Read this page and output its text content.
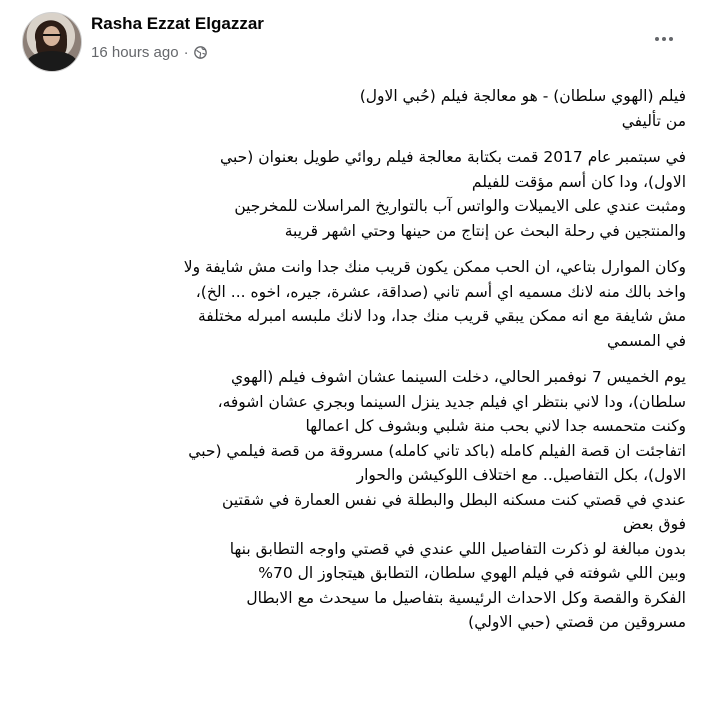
Rasha Ezzat Elgazzar
16 hours ago ·

فيلم (الهوي سلطان) - هو معالجة فيلم (حُبي الاول)
من تأليفي

في سبتمبر عام 2017 قمت بكتابة معالجة فيلم روائي طويل بعنوان (حبي
الاول)، ودا كان أسم مؤقت للفيلم
ومثبت عندي على الايميلات والواتس آب بالتواريخ المراسلات للمخرجين
والمنتجين في رحلة البحث عن إنتاج من حينها وحتي اشهر قريبة

وكان الموارل بتاعي، ان الحب ممكن يكون قريب منك جدا وانت مش شايفة ولا
واخد بالك منه لانك مسميه اي أسم تاني (صداقة، عشرة، جيره، اخوه ... الخ)،
مش شايفة مع انه ممكن يبقي قريب منك جدا، ودا لانك ملبسه امبرله مختلفة
في المسمي

يوم الخميس 7 نوفمبر الحالي، دخلت السينما عشان اشوف فيلم (الهوي
سلطان)، ودا لاني بنتظر اي فيلم جديد ينزل السينما وبجري عشان اشوفه،
وكنت متحمسه جدا لاني بحب منة شلبي وبشوف كل اعمالها
اتفاجئت ان قصة الفيلم كامله (باكد تاني كامله) مسروقة من قصة فيلمي (حبي
الاول)، بكل التفاصيل.. مع اختلاف اللوكيشن والحوار
عندي في قصتي كنت مسكنه البطل والبطلة في نفس العمارة في شقتين
فوق بعض
بدون مبالغة لو ذكرت التفاصيل اللي عندي في قصتي واوجه التطابق بنها
وبين اللي شوفته في فيلم الهوي سلطان، التطابق هيتجاوز ال 70%
الفكرة والقصة وكل الاحداث الرئيسية بتفاصيل ما سيحدث مع الابطال
مسروقين من قصتي (حبي الاولي)
